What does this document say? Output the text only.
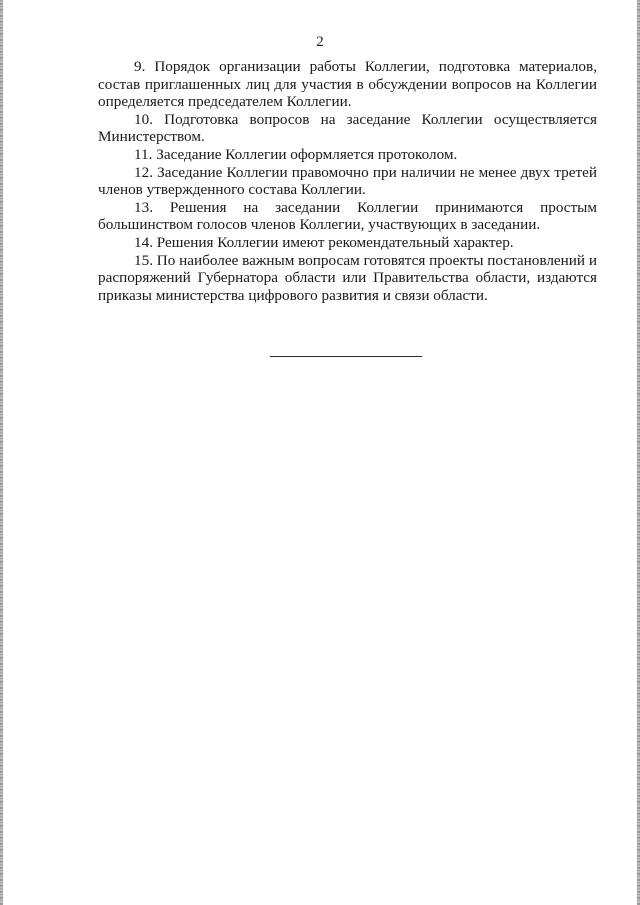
2

9. Порядок организации работы Коллегии, подготовка материалов, состав приглашенных лиц для участия в обсуждении вопросов на Коллегии определяется председателем Коллегии.

10. Подготовка вопросов на заседание Коллегии осуществляется Министерством.

11. Заседание Коллегии оформляется протоколом.

12. Заседание Коллегии правомочно при наличии не менее двух третей членов утвержденного состава Коллегии.

13. Решения на заседании Коллегии принимаются простым большинством голосов членов Коллегии, участвующих в заседании.

14. Решения Коллегии имеют рекомендательный характер.

15. По наиболее важным вопросам готовятся проекты постановлений и распоряжений Губернатора области или Правительства области, издаются приказы министерства цифрового развития и связи области.
